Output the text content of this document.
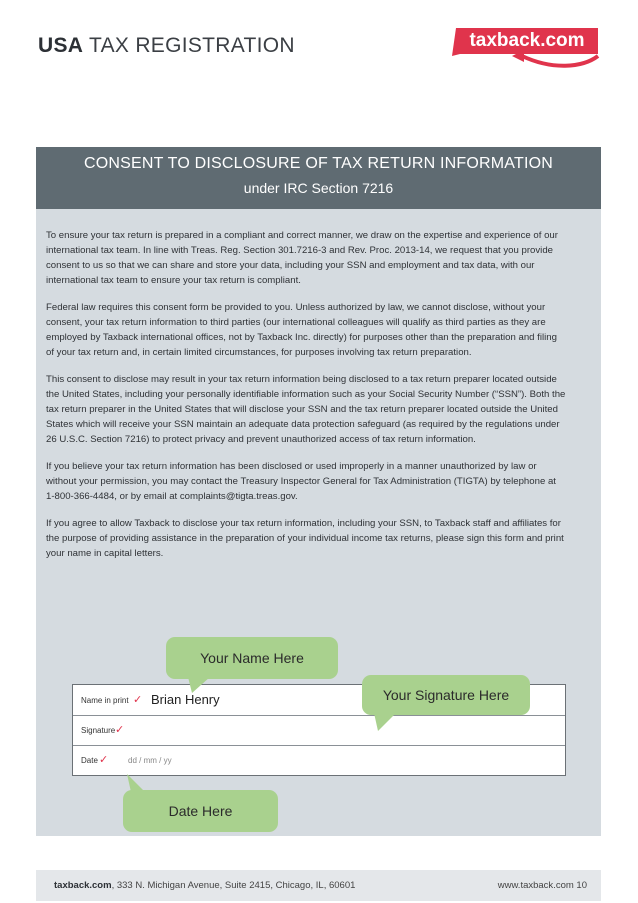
USA TAX REGISTRATION	taxback.com
CONSENT TO DISCLOSURE OF TAX RETURN INFORMATION
under IRC Section 7216

To ensure your tax return is prepared in a compliant and correct manner, we draw on the expertise and experience of our international tax team. In line with Treas. Reg. Section 301.7216-3 and Rev. Proc. 2013-14, we request that you provide consent to us so that we can share and store your data, including your SSN and employment and tax data, with our international tax team to ensure your tax return is compliant.

Federal law requires this consent form be provided to you. Unless authorized by law, we cannot disclose, without your consent, your tax return information to third parties (our international colleagues will qualify as third parties as they are employed by Taxback international offices, not by Taxback Inc. directly) for purposes other than the preparation and filing of your tax return and, in certain limited circumstances, for purposes involving tax return preparation.

This consent to disclose may result in your tax return information being disclosed to a tax return preparer located outside the United States, including your personally identifiable information such as your Social Security Number (“SSN”). Both the tax return preparer in the United States that will disclose your SSN and the tax return preparer located outside the United States which will receive your SSN maintain an adequate data protection safeguard (as required by the regulations under 26 U.S.C. Section 7216) to protect privacy and prevent unauthorized access of tax return information.

If you believe your tax return information has been disclosed or used improperly in a manner unauthorized by law or without your permission, you may contact the Treasury Inspector General for Tax Administration (TIGTA) by telephone at 1-800-366-4484, or by email at complaints@tigta.treas.gov.

If you agree to allow Taxback to disclose your tax return information, including your SSN, to Taxback staff and affiliates for the purpose of providing assistance in the preparation of your individual income tax returns, please sign this form and print your name in capital letters.

Name in print ✓ Brian Henry
Signature ✓
Date ✓ dd / mm / yy
Your Name Here
Your Signature Here
Date Here
taxback.com, 333 N. Michigan Avenue, Suite 2415, Chicago, IL, 60601	www.taxback.com 10
